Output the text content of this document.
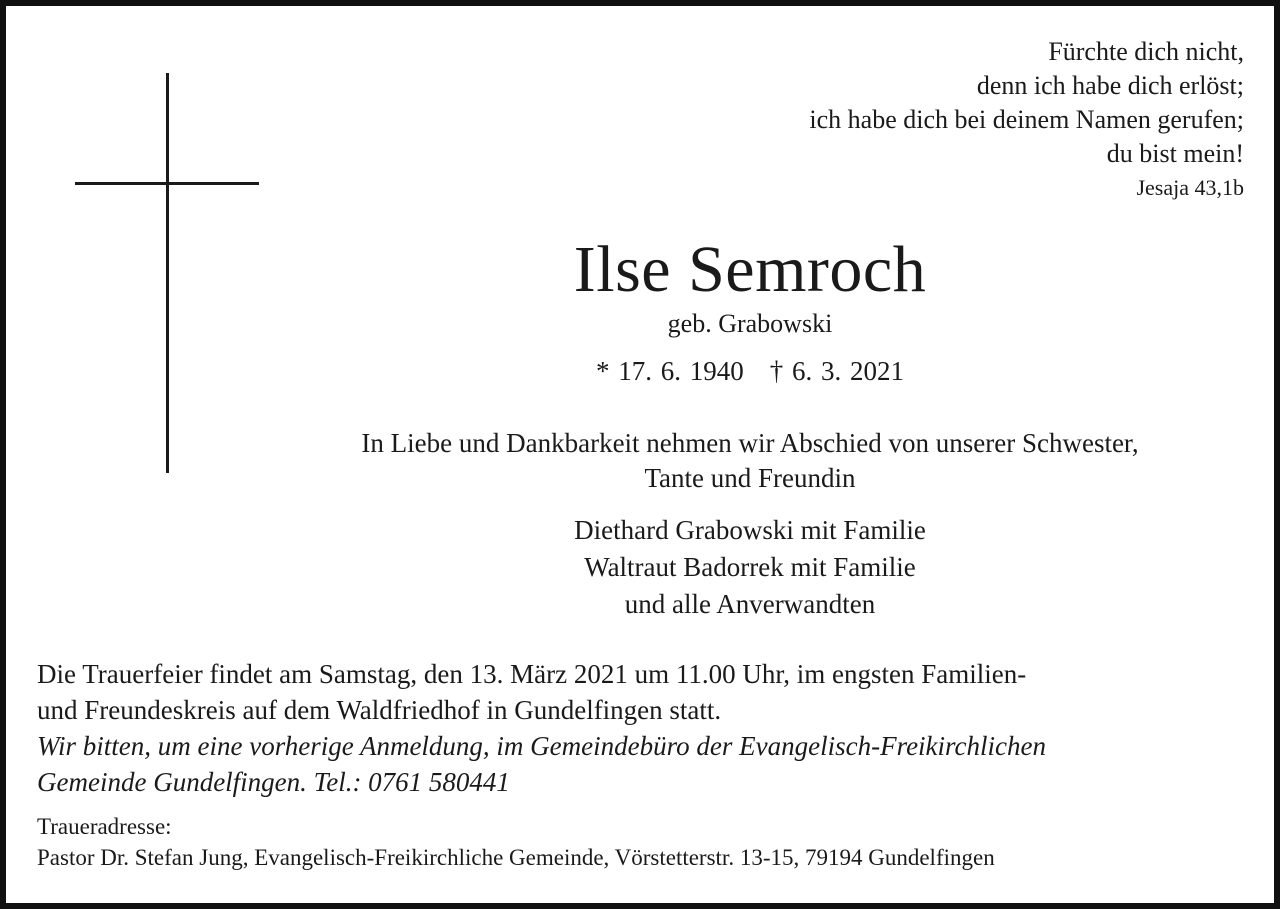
Fürchte dich nicht,
denn ich habe dich erlöst;
ich habe dich bei deinem Namen gerufen;
du bist mein!
Jesaja 43,1b
Ilse Semroch
geb. Grabowski
* 17. 6. 1940 † 6. 3. 2021
In Liebe und Dankbarkeit nehmen wir Abschied von unserer Schwester,
Tante und Freundin
Diethard Grabowski mit Familie
Waltraut Badorrek mit Familie
und alle Anverwandten
Die Trauerfeier findet am Samstag, den 13. März 2021 um 11.00 Uhr, im engsten Familien-
und Freundeskreis auf dem Waldfriedhof in Gundelfingen statt.
Wir bitten, um eine vorherige Anmeldung, im Gemeindebüro der Evangelisch-Freikirchlichen
Gemeinde Gundelfingen. Tel.: 0761 580441
Traueradresse:
Pastor Dr. Stefan Jung, Evangelisch-Freikirchliche Gemeinde, Vörstetterstr. 13-15, 79194 Gundelfingen
